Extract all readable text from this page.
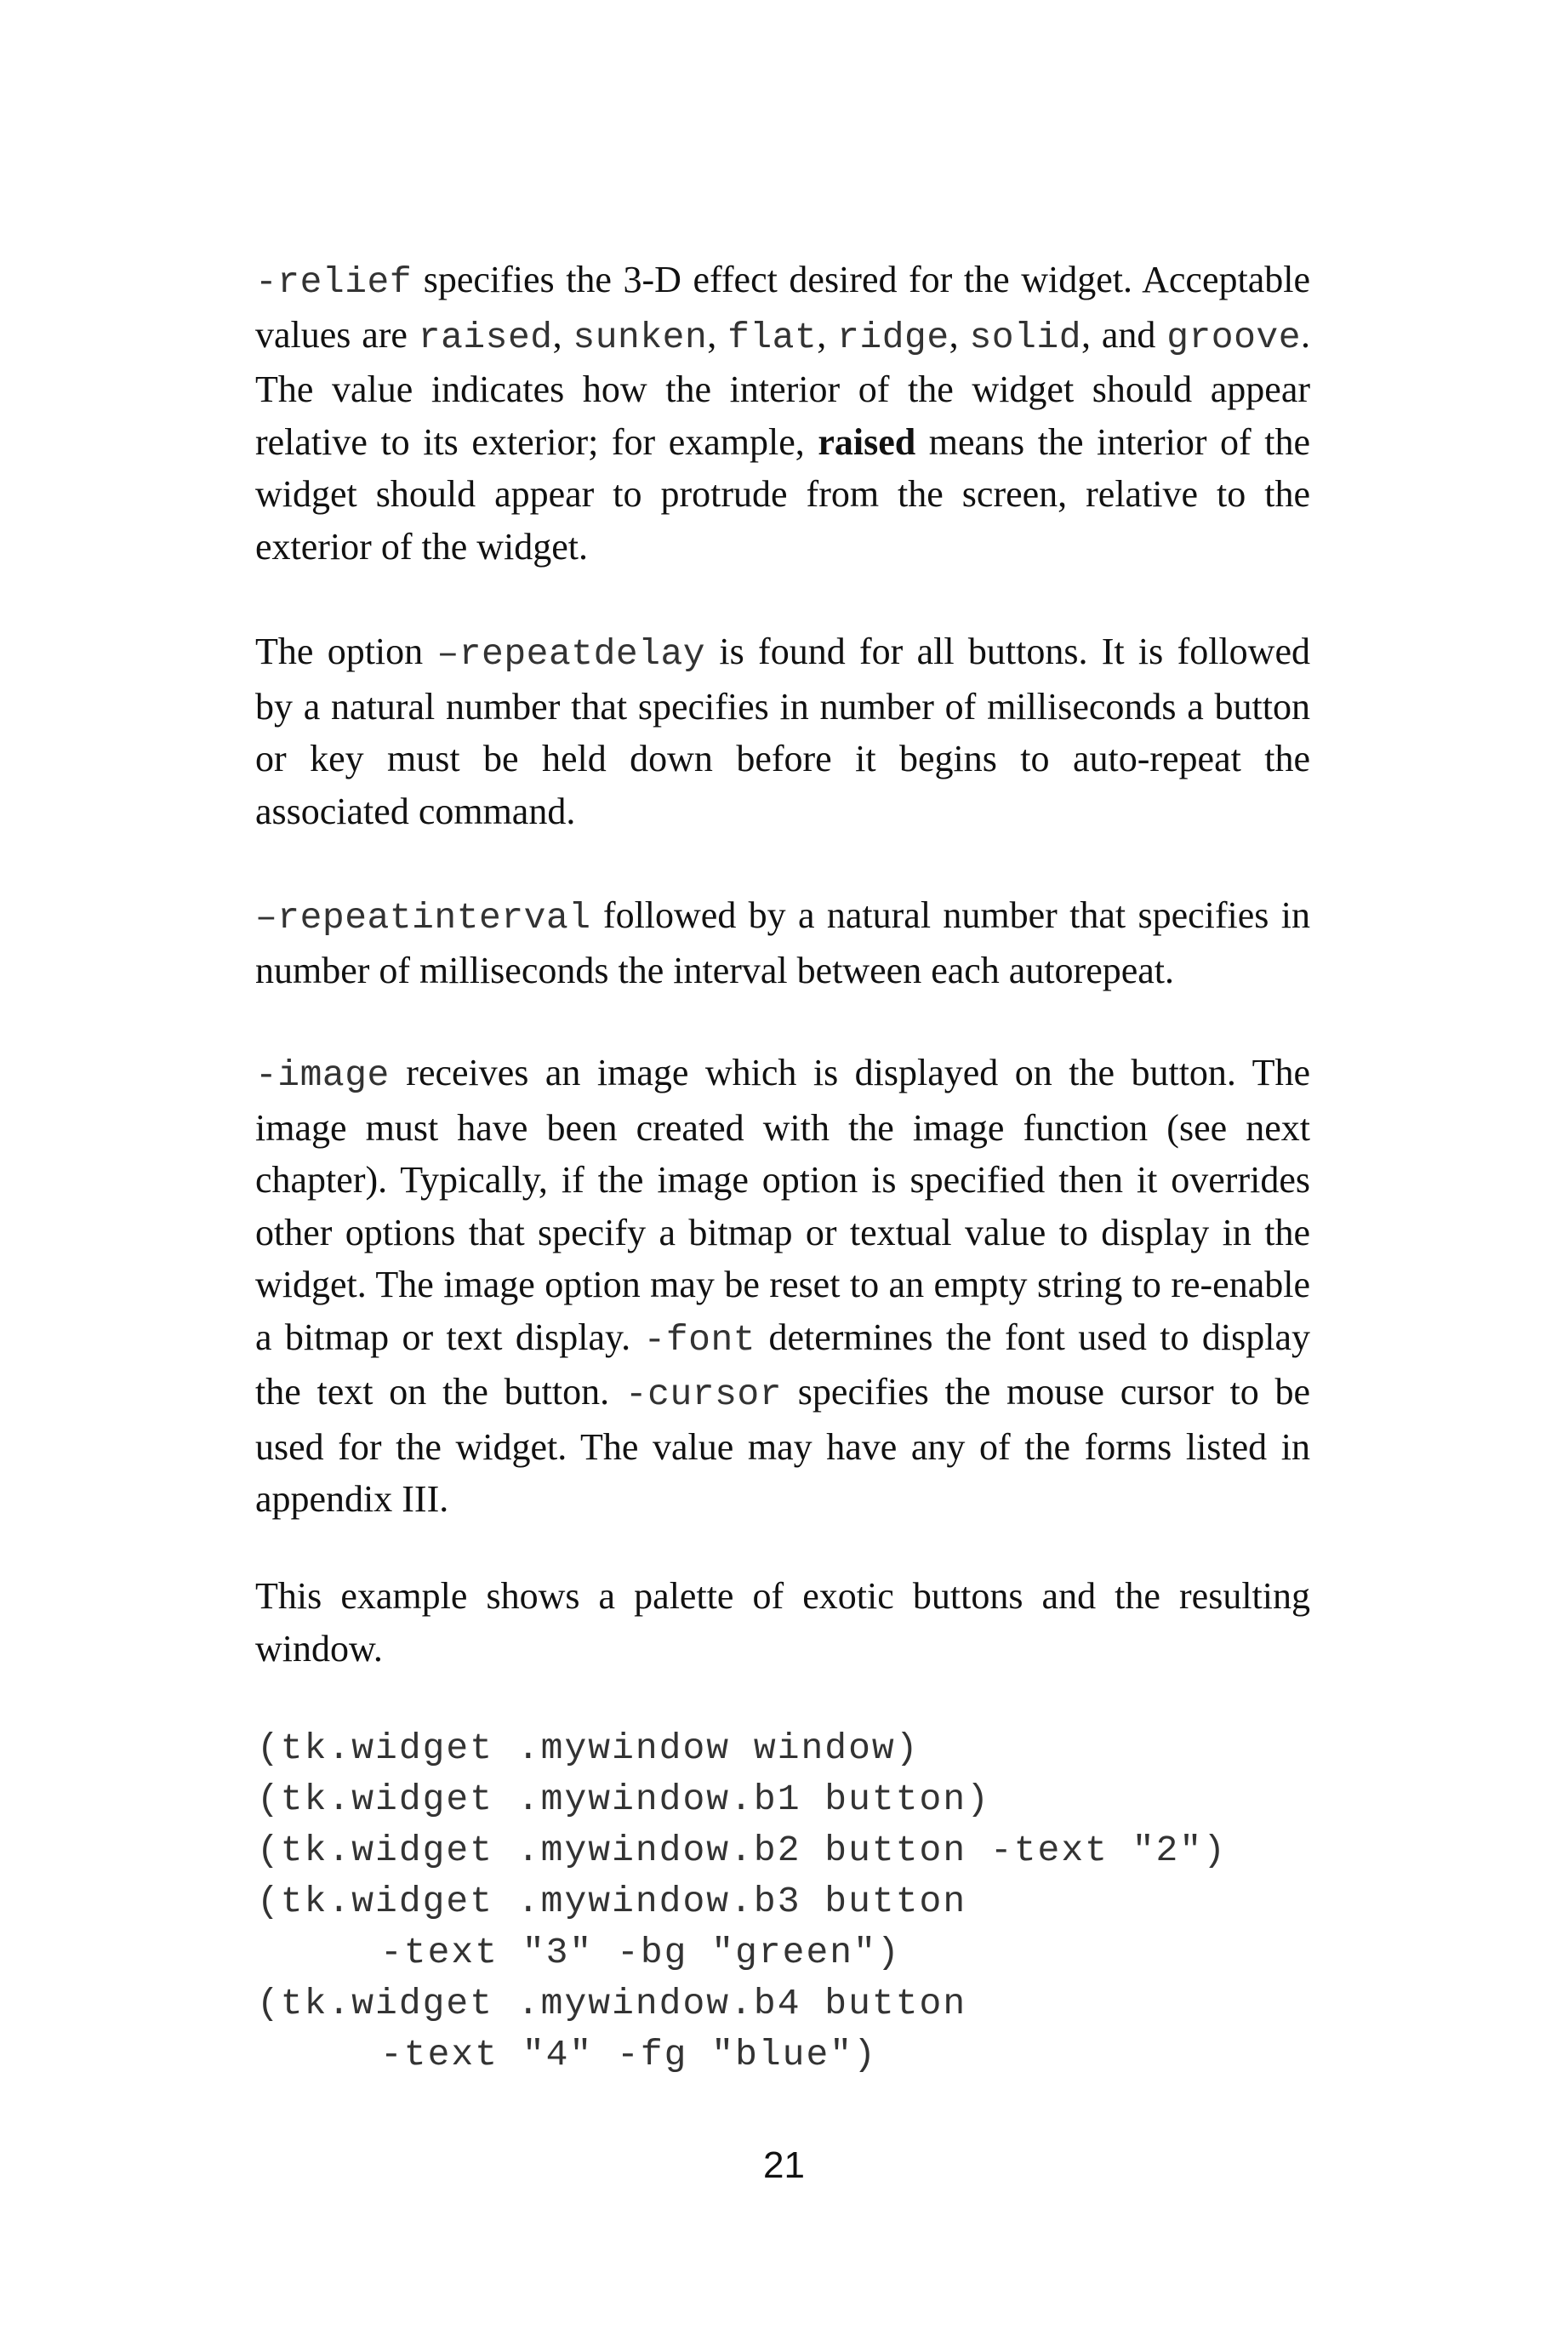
-relief specifies the 3-D effect desired for the widget. Acceptable values are raised, sunken, flat, ridge, solid, and groove. The value indicates how the interior of the widget should appear relative to its exterior; for example, raised means the interior of the widget should appear to protrude from the screen, relative to the exterior of the widget.

The option –repeatdelay is found for all buttons. It is followed by a natural number that specifies in number of milliseconds a button or key must be held down before it begins to auto-repeat the associated command.

–repeatinterval followed by a natural number that specifies in number of milliseconds the interval between each autorepeat.

-image receives an image which is displayed on the button. The image must have been created with the image function (see next chapter). Typically, if the image option is specified then it overrides other options that specify a bitmap or textual value to display in the widget. The image option may be reset to an empty string to re-enable a bitmap or text display. -font determines the font used to display the text on the button. -cursor specifies the mouse cursor to be used for the widget. The value may have any of the forms listed in appendix III.

This example shows a palette of exotic buttons and the resulting window.

(tk.widget .mywindow window)
(tk.widget .mywindow.b1 button)
(tk.widget .mywindow.b2 button -text "2")
(tk.widget .mywindow.b3 button
-text "3" -bg "green")
(tk.widget .mywindow.b4 button
-text "4" -fg "blue")
21
